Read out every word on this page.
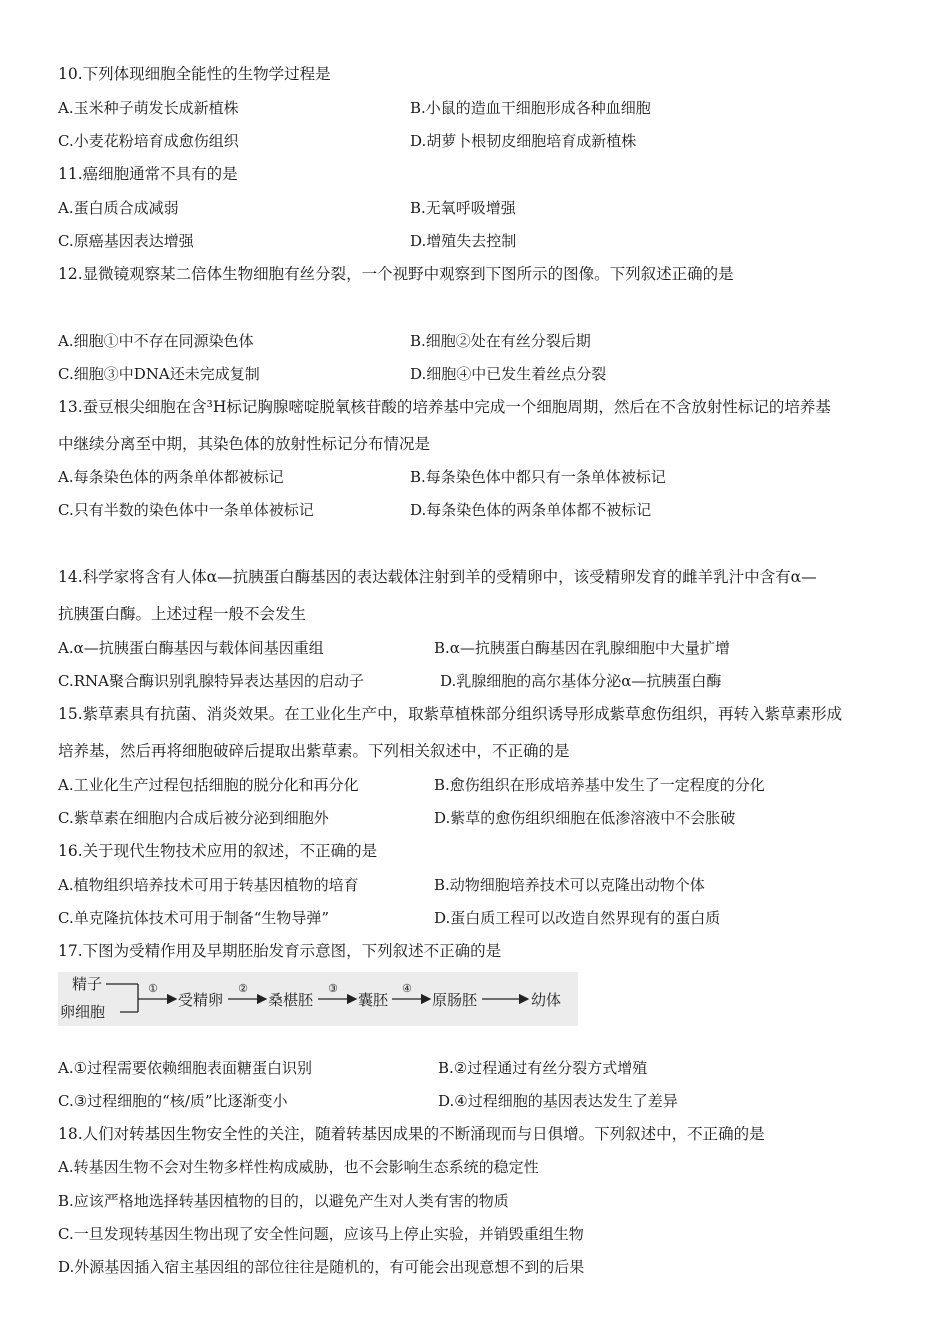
10.下列体现细胞全能性的生物学过程是
A.玉米种子萌发长成新植株	B.小鼠的造血干细胞形成各种血细胞
C.小麦花粉培育成愈伤组织	D.胡萝卜根韧皮细胞培育成新植株
11.癌细胞通常不具有的是
A.蛋白质合成减弱	B.无氧呼吸增强
C.原癌基因表达增强	D.增殖失去控制
12.显微镜观察某二倍体生物细胞有丝分裂，一个视野中观察到下图所示的图像。下列叙述正确的是
A.细胞①中不存在同源染色体	B.细胞②处在有丝分裂后期
C.细胞③中DNA还未完成复制	D.细胞④中已发生着丝点分裂
13.蚕豆根尖细胞在含³H标记胸腺嘧啶脱氧核苷酸的培养基中完成一个细胞周期，然后在不含放射性标记的培养基
中继续分离至中期，其染色体的放射性标记分布情况是
A.每条染色体的两条单体都被标记	B.每条染色体中都只有一条单体被标记
C.只有半数的染色体中一条单体被标记	D.每条染色体的两条单体都不被标记
14.科学家将含有人体α—抗胰蛋白酶基因的表达载体注射到羊的受精卵中，该受精卵发育的雌羊乳汁中含有α—
抗胰蛋白酶。上述过程一般不会发生
A.α—抗胰蛋白酶基因与载体间基因重组	B.α—抗胰蛋白酶基因在乳腺细胞中大量扩增
C.RNA聚合酶识别乳腺特异表达基因的启动子	D.乳腺细胞的高尔基体分泌α—抗胰蛋白酶
15.紫草素具有抗菌、消炎效果。在工业化生产中，取紫草植株部分组织诱导形成紫草愈伤组织，再转入紫草素形成
培养基，然后再将细胞破碎后提取出紫草素。下列相关叙述中，不正确的是
A.工业化生产过程包括细胞的脱分化和再分化	B.愈伤组织在形成培养基中发生了一定程度的分化
C.紫草素在细胞内合成后被分泌到细胞外	D.紫草的愈伤组织细胞在低渗溶液中不会胀破
16.关于现代生物技术应用的叙述，不正确的是
A.植物组织培养技术可用于转基因植物的培育	B.动物细胞培养技术可以克隆出动物个体
C.单克隆抗体技术可用于制备“生物导弹”	D.蛋白质工程可以改造自然界现有的蛋白质
17.下图为受精作用及早期胚胎发育示意图，下列叙述不正确的是
精子
卵细胞
①
受精卵
②
桑椹胚
③
囊胚
④
原肠胚	幼体
A.①过程需要依赖细胞表面糖蛋白识别	B.②过程通过有丝分裂方式增殖
C.③过程细胞的“核/质”比逐渐变小	D.④过程细胞的基因表达发生了差异
18.人们对转基因生物安全性的关注，随着转基因成果的不断涌现而与日俱增。下列叙述中，不正确的是
A.转基因生物不会对生物多样性构成威胁，也不会影响生态系统的稳定性
B.应该严格地选择转基因植物的目的，以避免产生对人类有害的物质
C.一旦发现转基因生物出现了安全性问题，应该马上停止实验，并销毁重组生物
D.外源基因插入宿主基因组的部位往往是随机的，有可能会出现意想不到的后果
